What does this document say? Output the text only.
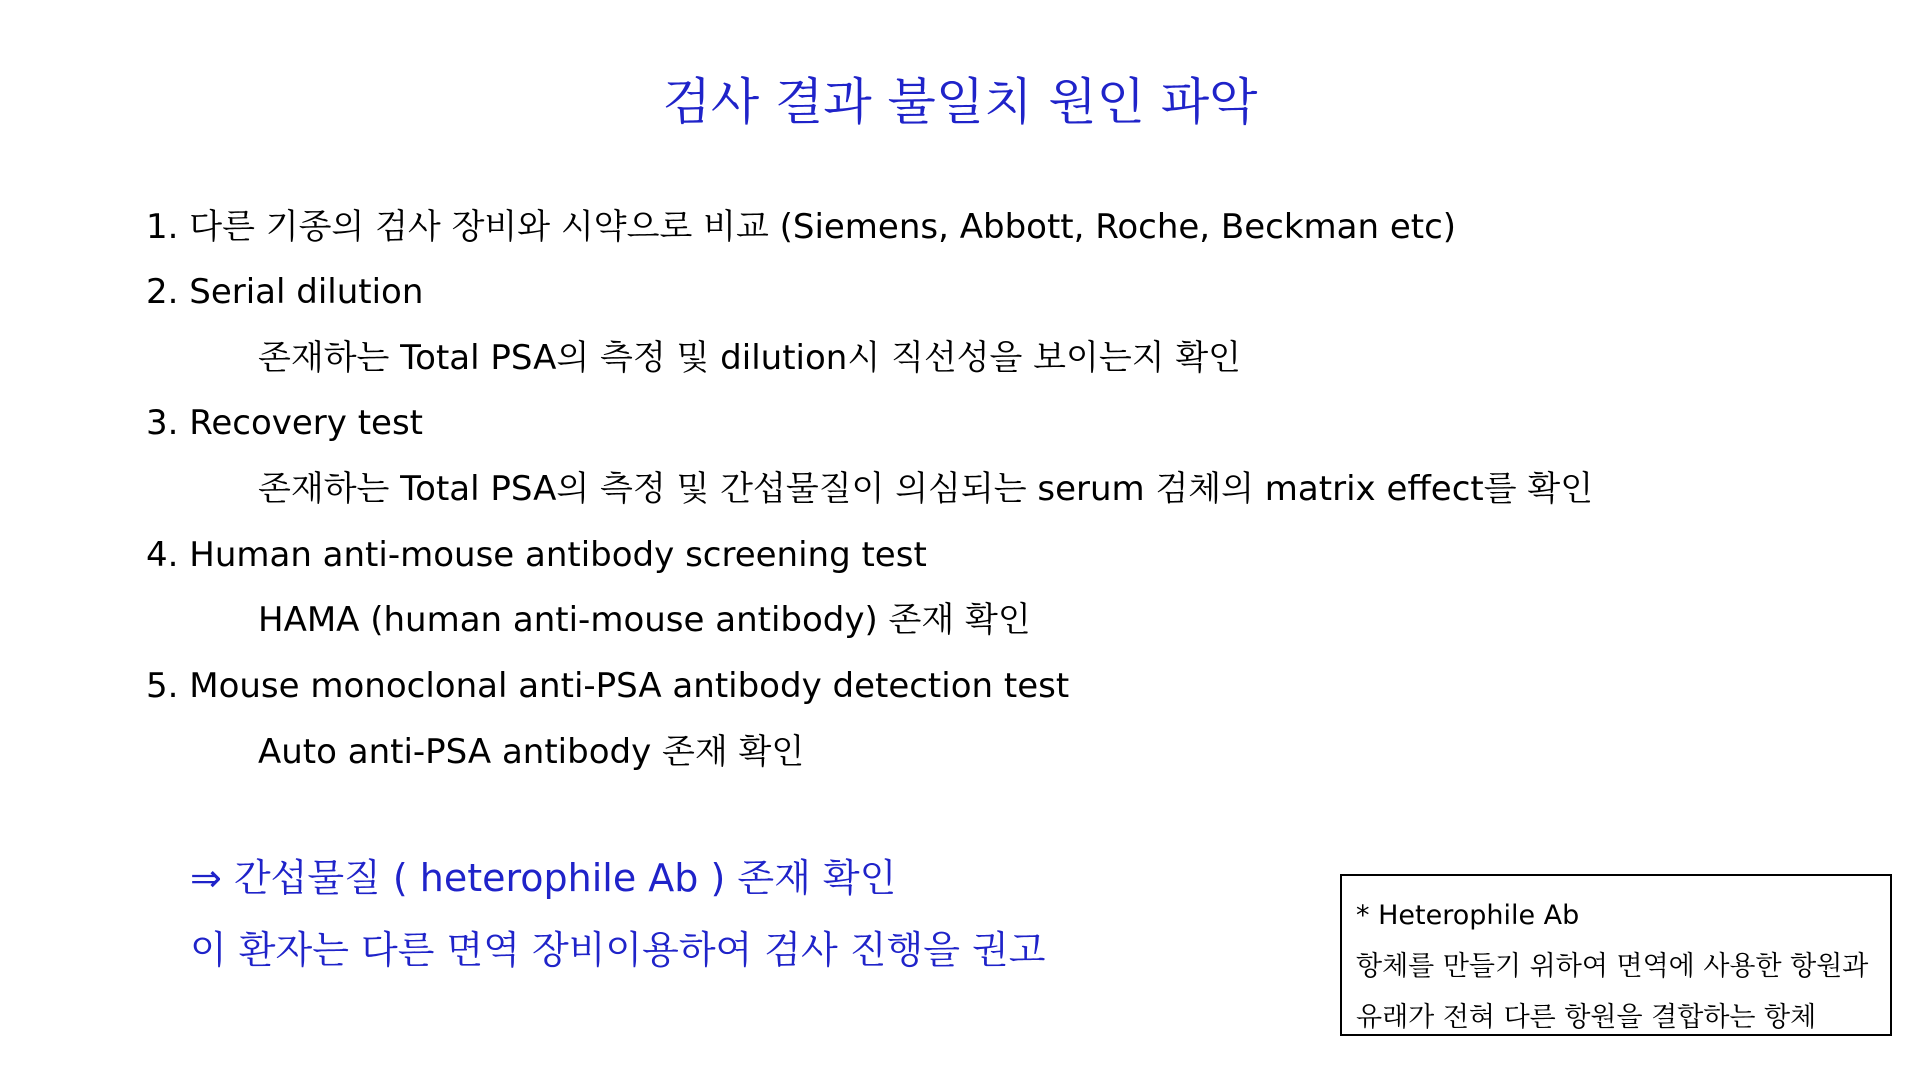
검사 결과 불일치 원인 파악
1. 다른 기종의 검사 장비와 시약으로 비교 (Siemens, Abbott, Roche, Beckman etc)
2. Serial dilution
존재하는 Total PSA의 측정 및 dilution시 직선성을 보이는지 확인
3. Recovery test
존재하는 Total PSA의 측정 및 간섭물질이 의심되는 serum 검체의 matrix effect를 확인
4. Human anti-mouse antibody screening test
HAMA (human anti-mouse antibody) 존재 확인
5. Mouse monoclonal anti-PSA antibody detection test
Auto anti-PSA antibody 존재 확인
⇒ 간섭물질 ( heterophile Ab ) 존재 확인
이 환자는 다른 면역 장비이용하여 검사 진행을 권고
* Heterophile Ab
항체를 만들기 위하여 면역에 사용한 항원과
유래가 전혀 다른 항원을 결합하는 항체
